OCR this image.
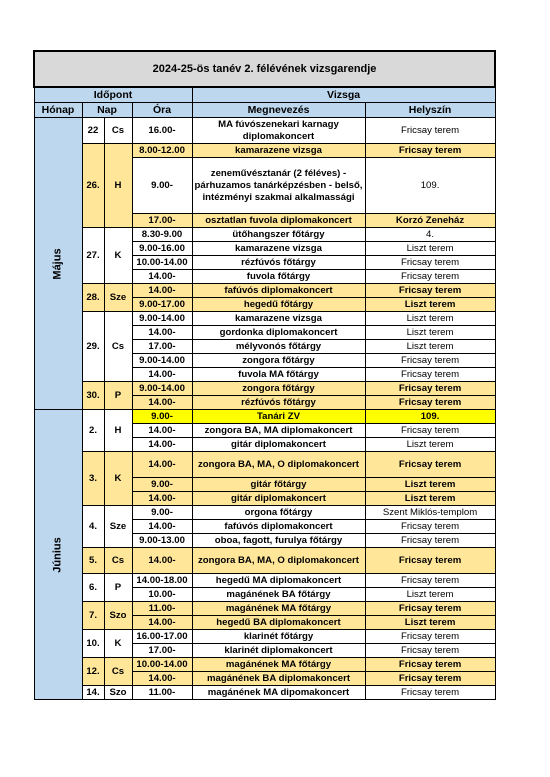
2024-25-ös tanév 2. félévének vizsgarendje					
Időpont				Vizsga	
Hónap	Nap		Óra	Megnevezés	Helyszín
Május	22	Cs	16.00-	MA fúvószenekari karnagy diplomakoncert	Fricsay terem
	26.	H	8.00-12.00	kamarazene vizsga	Fricsay terem
			9.00-	zeneművésztanár (2 féléves) - párhuzamos tanárképzésben - belső, intézményi szakmai alkalmassági	109.
			17.00-	osztatlan fuvola diplomakoncert	Korzó Zeneház
	27.	K	8.30-9.00	ütőhangszer főtárgy	4.
			9.00-16.00	kamarazene vizsga	Liszt terem
			10.00-14.00	rézfúvós főtárgy	Fricsay terem
			14.00-	fuvola főtárgy	Fricsay terem
	28.	Sze	14.00-	fafúvós diplomakoncert	Fricsay terem
			9.00-17.00	hegedű főtárgy	Liszt terem
	29.	Cs	9.00-14.00	kamarazene vizsga	Liszt terem
			14.00-	gordonka diplomakoncert	Liszt terem
			17.00-	mélyvonós főtárgy	Liszt terem
			9.00-14.00	zongora főtárgy	Fricsay terem
			14.00-	fuvola MA főtárgy	Fricsay terem
	30.	P	9.00-14.00	zongora főtárgy	Fricsay terem
			14.00-	rézfúvós főtárgy	Fricsay terem
Június	2.	H	9.00-	Tanári ZV	109.
			14.00-	zongora BA, MA diplomakoncert	Fricsay terem
			14.00-	gitár diplomakoncert	Liszt terem
	3.	K	14.00-	zongora BA, MA, O diplomakoncert	Fricsay terem
			9.00-	gitár főtárgy	Liszt terem
			14.00-	gitár diplomakoncert	Liszt terem
	4.	Sze	9.00-	orgona főtárgy	Szent Miklós-templom
			14.00-	fafúvós diplomakoncert	Fricsay terem
			9.00-13.00	oboa, fagott, furulya főtárgy	Fricsay terem
	5.	Cs	14.00-	zongora BA, MA, O diplomakoncert	Fricsay terem
	6.	P	14.00-18.00	hegedű MA diplomakoncert	Fricsay terem
			10.00-	magánének BA főtárgy	Liszt terem
	7.	Szo	11.00-	magánének MA főtárgy	Fricsay terem
			14.00-	hegedű BA diplomakoncert	Liszt terem
	10.	K	16.00-17.00	klarinét főtárgy	Fricsay terem
			17.00-	klarinét diplomakoncert	Fricsay terem
	12.	Cs	10.00-14.00	magánének MA főtárgy	Fricsay terem
			14.00-	magánének BA diplomakoncert	Fricsay terem
	14.	Szo	11.00-	magánének MA dipomakoncert	Fricsay terem
